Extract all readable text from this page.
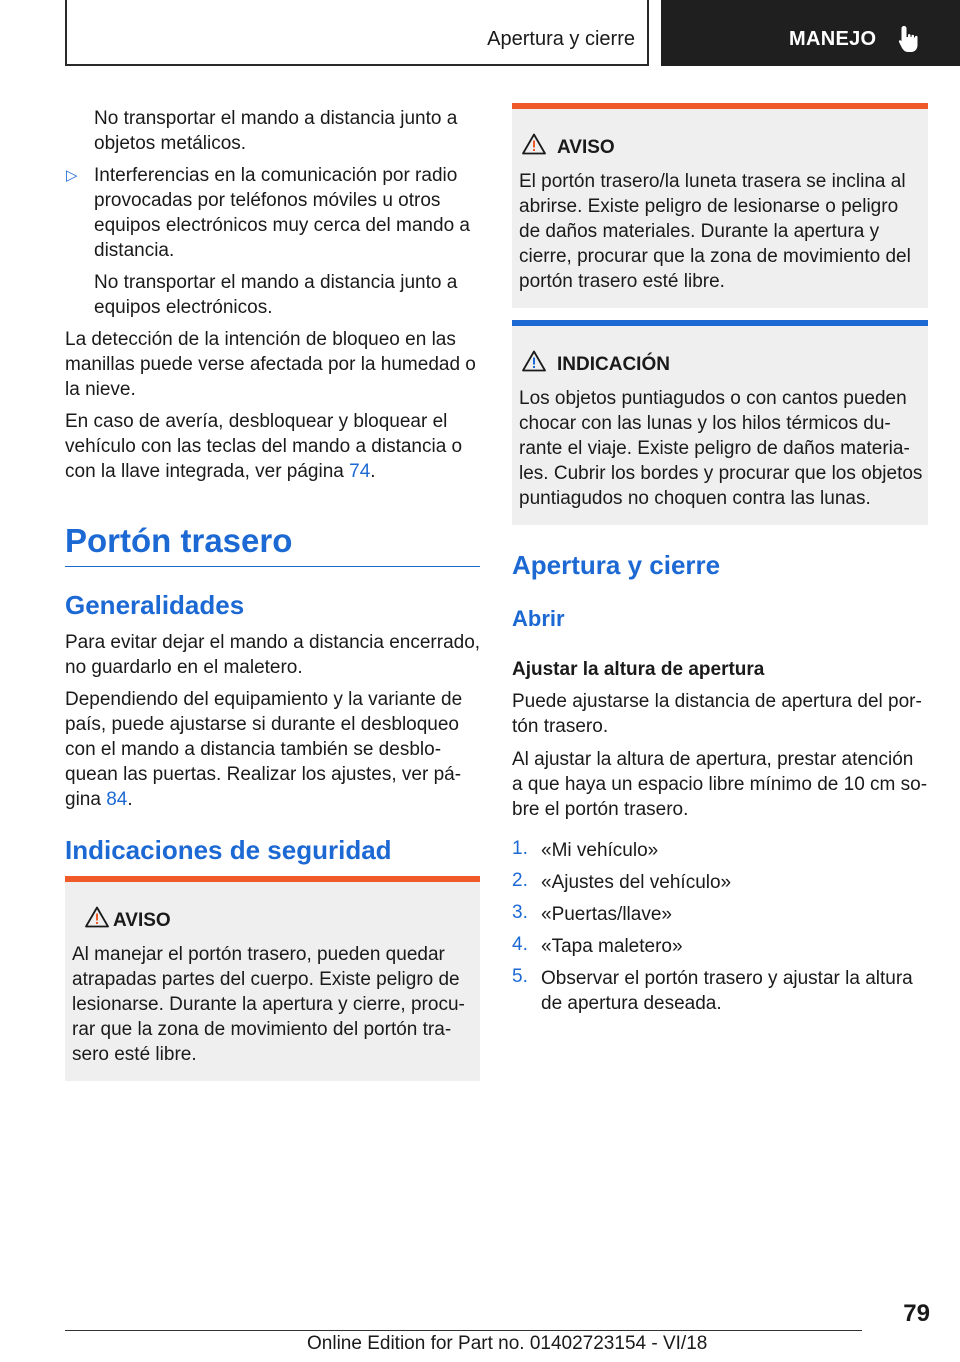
Apertura y cierre	MANEJO
No transportar el mando a distancia junto a objetos metálicos.
▷ Interferencias en la comunicación por radio provocadas por teléfonos móviles u otros equipos electrónicos muy cerca del mando a distancia.
No transportar el mando a distancia junto a equipos electrónicos.
La detección de la intención de bloqueo en las manillas puede verse afectada por la humedad o la nieve.
En caso de avería, desbloquear y bloquear el vehículo con las teclas del mando a distancia o con la llave integrada, ver página 74.
Portón trasero
Generalidades
Para evitar dejar el mando a distancia encerrado, no guardarlo en el maletero.
Dependiendo del equipamiento y la variante de país, puede ajustarse si durante el desbloqueo con el mando a distancia también se desbloquean las puertas. Realizar los ajustes, ver página 84.
Indicaciones de seguridad
AVISO
Al manejar el portón trasero, pueden quedar atrapadas partes del cuerpo. Existe peligro de lesionarse. Durante la apertura y cierre, procurar que la zona de movimiento del portón trasero esté libre.
AVISO
El portón trasero/la luneta trasera se inclina al abrirse. Existe peligro de lesionarse o peligro de daños materiales. Durante la apertura y cierre, procurar que la zona de movimiento del portón trasero esté libre.
INDICACIÓN
Los objetos puntiagudos o con cantos pueden chocar con las lunas y los hilos térmicos durante el viaje. Existe peligro de daños materiales. Cubrir los bordes y procurar que los objetos puntiagudos no choquen contra las lunas.
Apertura y cierre
Abrir
Ajustar la altura de apertura
Puede ajustarse la distancia de apertura del portón trasero.
Al ajustar la altura de apertura, prestar atención a que haya un espacio libre mínimo de 10 cm sobre el portón trasero.
1. «Mi vehículo»
2. «Ajustes del vehículo»
3. «Puertas/llave»
4. «Tapa maletero»
5. Observar el portón trasero y ajustar la altura de apertura deseada.
79
Online Edition for Part no. 01402723154 - VI/18
